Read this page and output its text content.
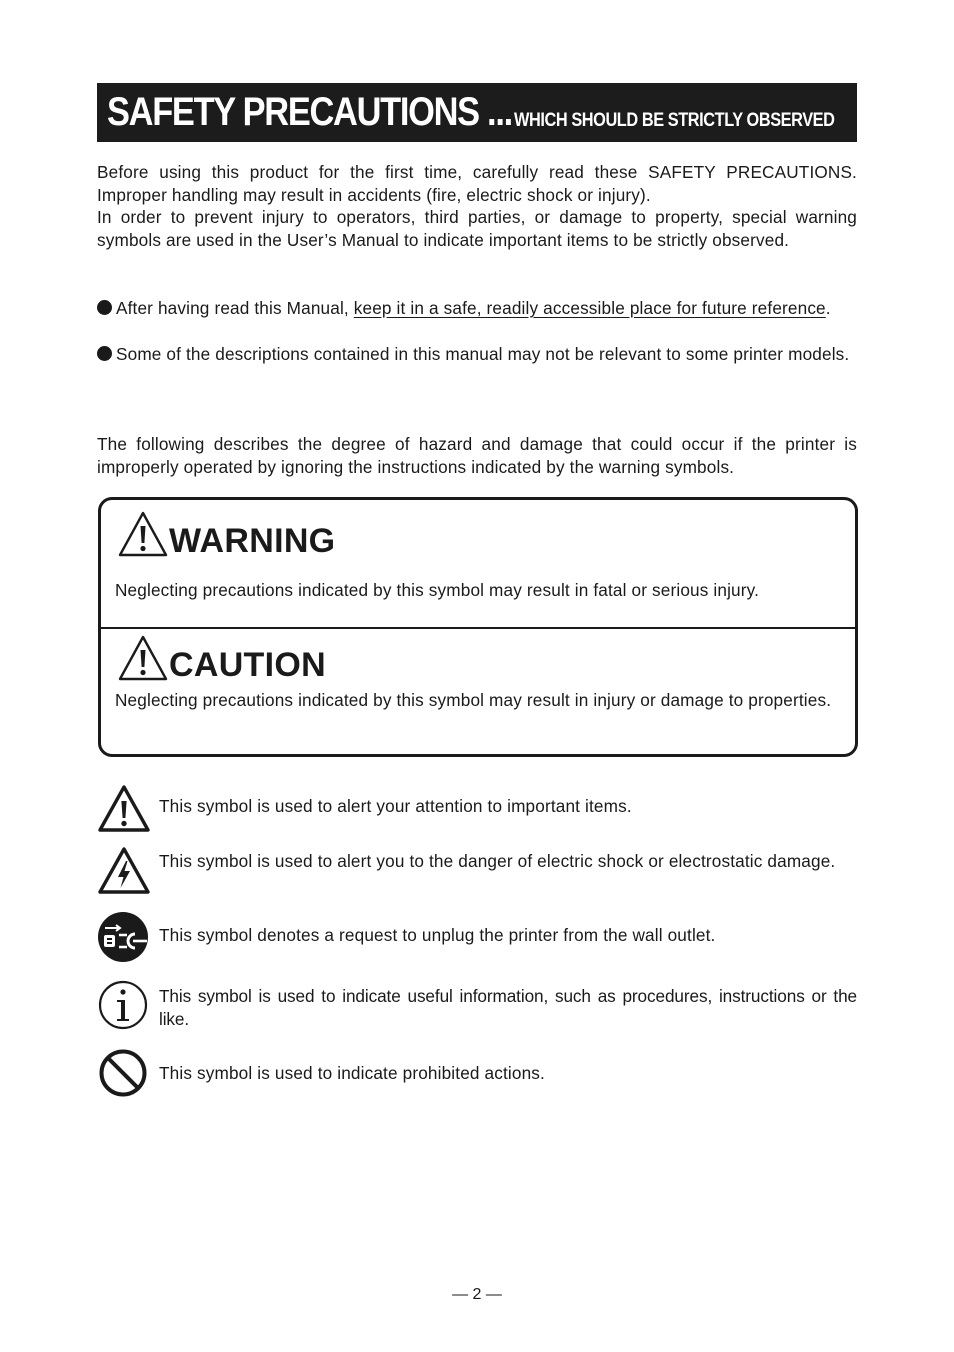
SAFETY PRECAUTIONS ... WHICH SHOULD BE STRICTLY OBSERVED

Before using this product for the first time, carefully read these SAFETY PRECAUTIONS. Improper handling may result in accidents (fire, electric shock or injury).

In order to prevent injury to operators, third parties, or damage to property, special warning symbols are used in the User’s Manual to indicate important items to be strictly observed.

After having read this Manual, keep it in a safe, readily accessible place for future reference.
Some of the descriptions contained in this manual may not be relevant to some printer models.

The following describes the degree of hazard and damage that could occur if the printer is improperly operated by ignoring the instructions indicated by the warning symbols.

WARNING

Neglecting precautions indicated by this symbol may result in fatal or serious injury.

CAUTION

Neglecting precautions indicated by this symbol may result in injury or damage to properties.

This symbol is used to alert your attention to important items.

This symbol is used to alert you to the danger of electric shock or electrostatic damage.

This symbol denotes a request to unplug the printer from the wall outlet.

This symbol is used to indicate useful information, such as procedures, instructions or the like.

This symbol is used to indicate prohibited actions.

— 2 —
